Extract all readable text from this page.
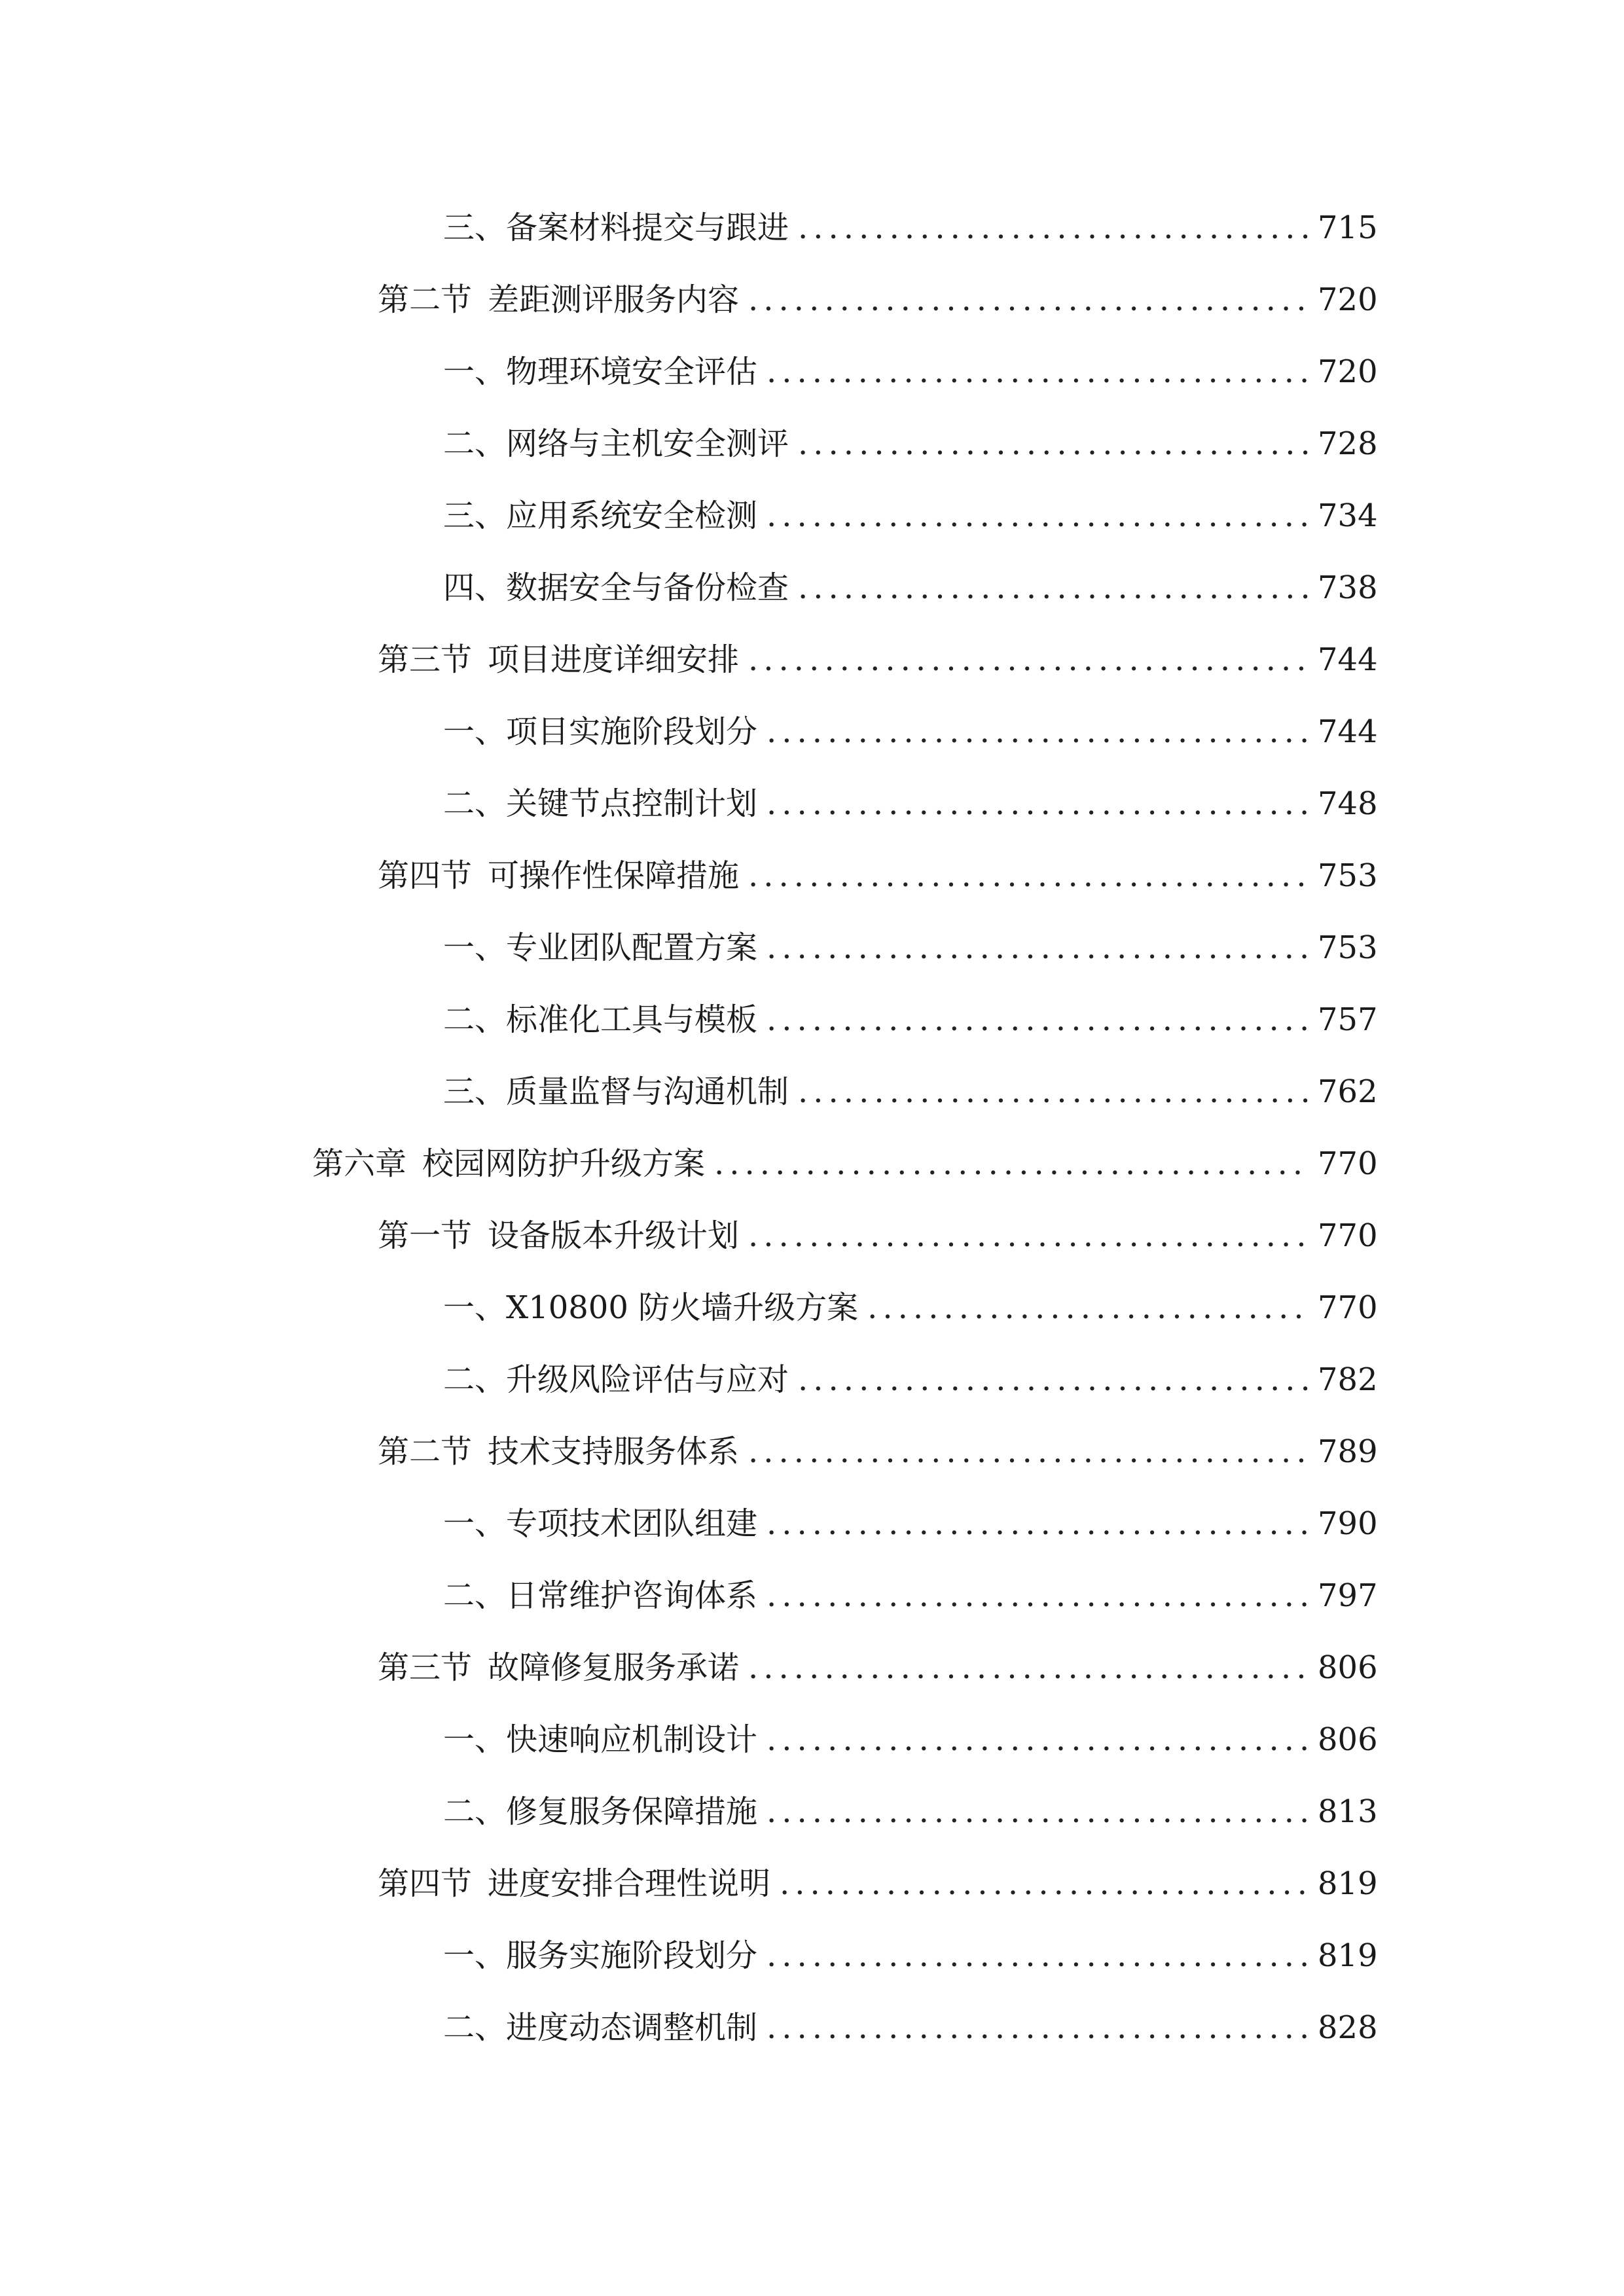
三、 备案材料提交与跟进 .....	715
第二节 差距测评服务内容 .....	720
一、 物理环境安全评估 .....	720
二、 网络与主机安全测评 .....	728
三、 应用系统安全检测 .....	734
四、 数据安全与备份检查 .....	738
第三节 项目进度详细安排 .....	744
一、 项目实施阶段划分 .....	744
二、 关键节点控制计划 .....	748
第四节 可操作性保障措施 .....	753
一、 专业团队配置方案 .....	753
二、 标准化工具与模板 .....	757
三、 质量监督与沟通机制 .....	762
第六章 校园网防护升级方案 .....	770
第一节 设备版本升级计划 .....	770
一、 X10800 防火墙升级方案 .....	770
二、 升级风险评估与应对 .....	782
第二节 技术支持服务体系 .....	789
一、 专项技术团队组建 .....	790
二、 日常维护咨询体系 .....	797
第三节 故障修复服务承诺 .....	806
一、 快速响应机制设计 .....	806
二、 修复服务保障措施 .....	813
第四节 进度安排合理性说明 .....	819
一、 服务实施阶段划分 .....	819
二、 进度动态调整机制 .....	828
